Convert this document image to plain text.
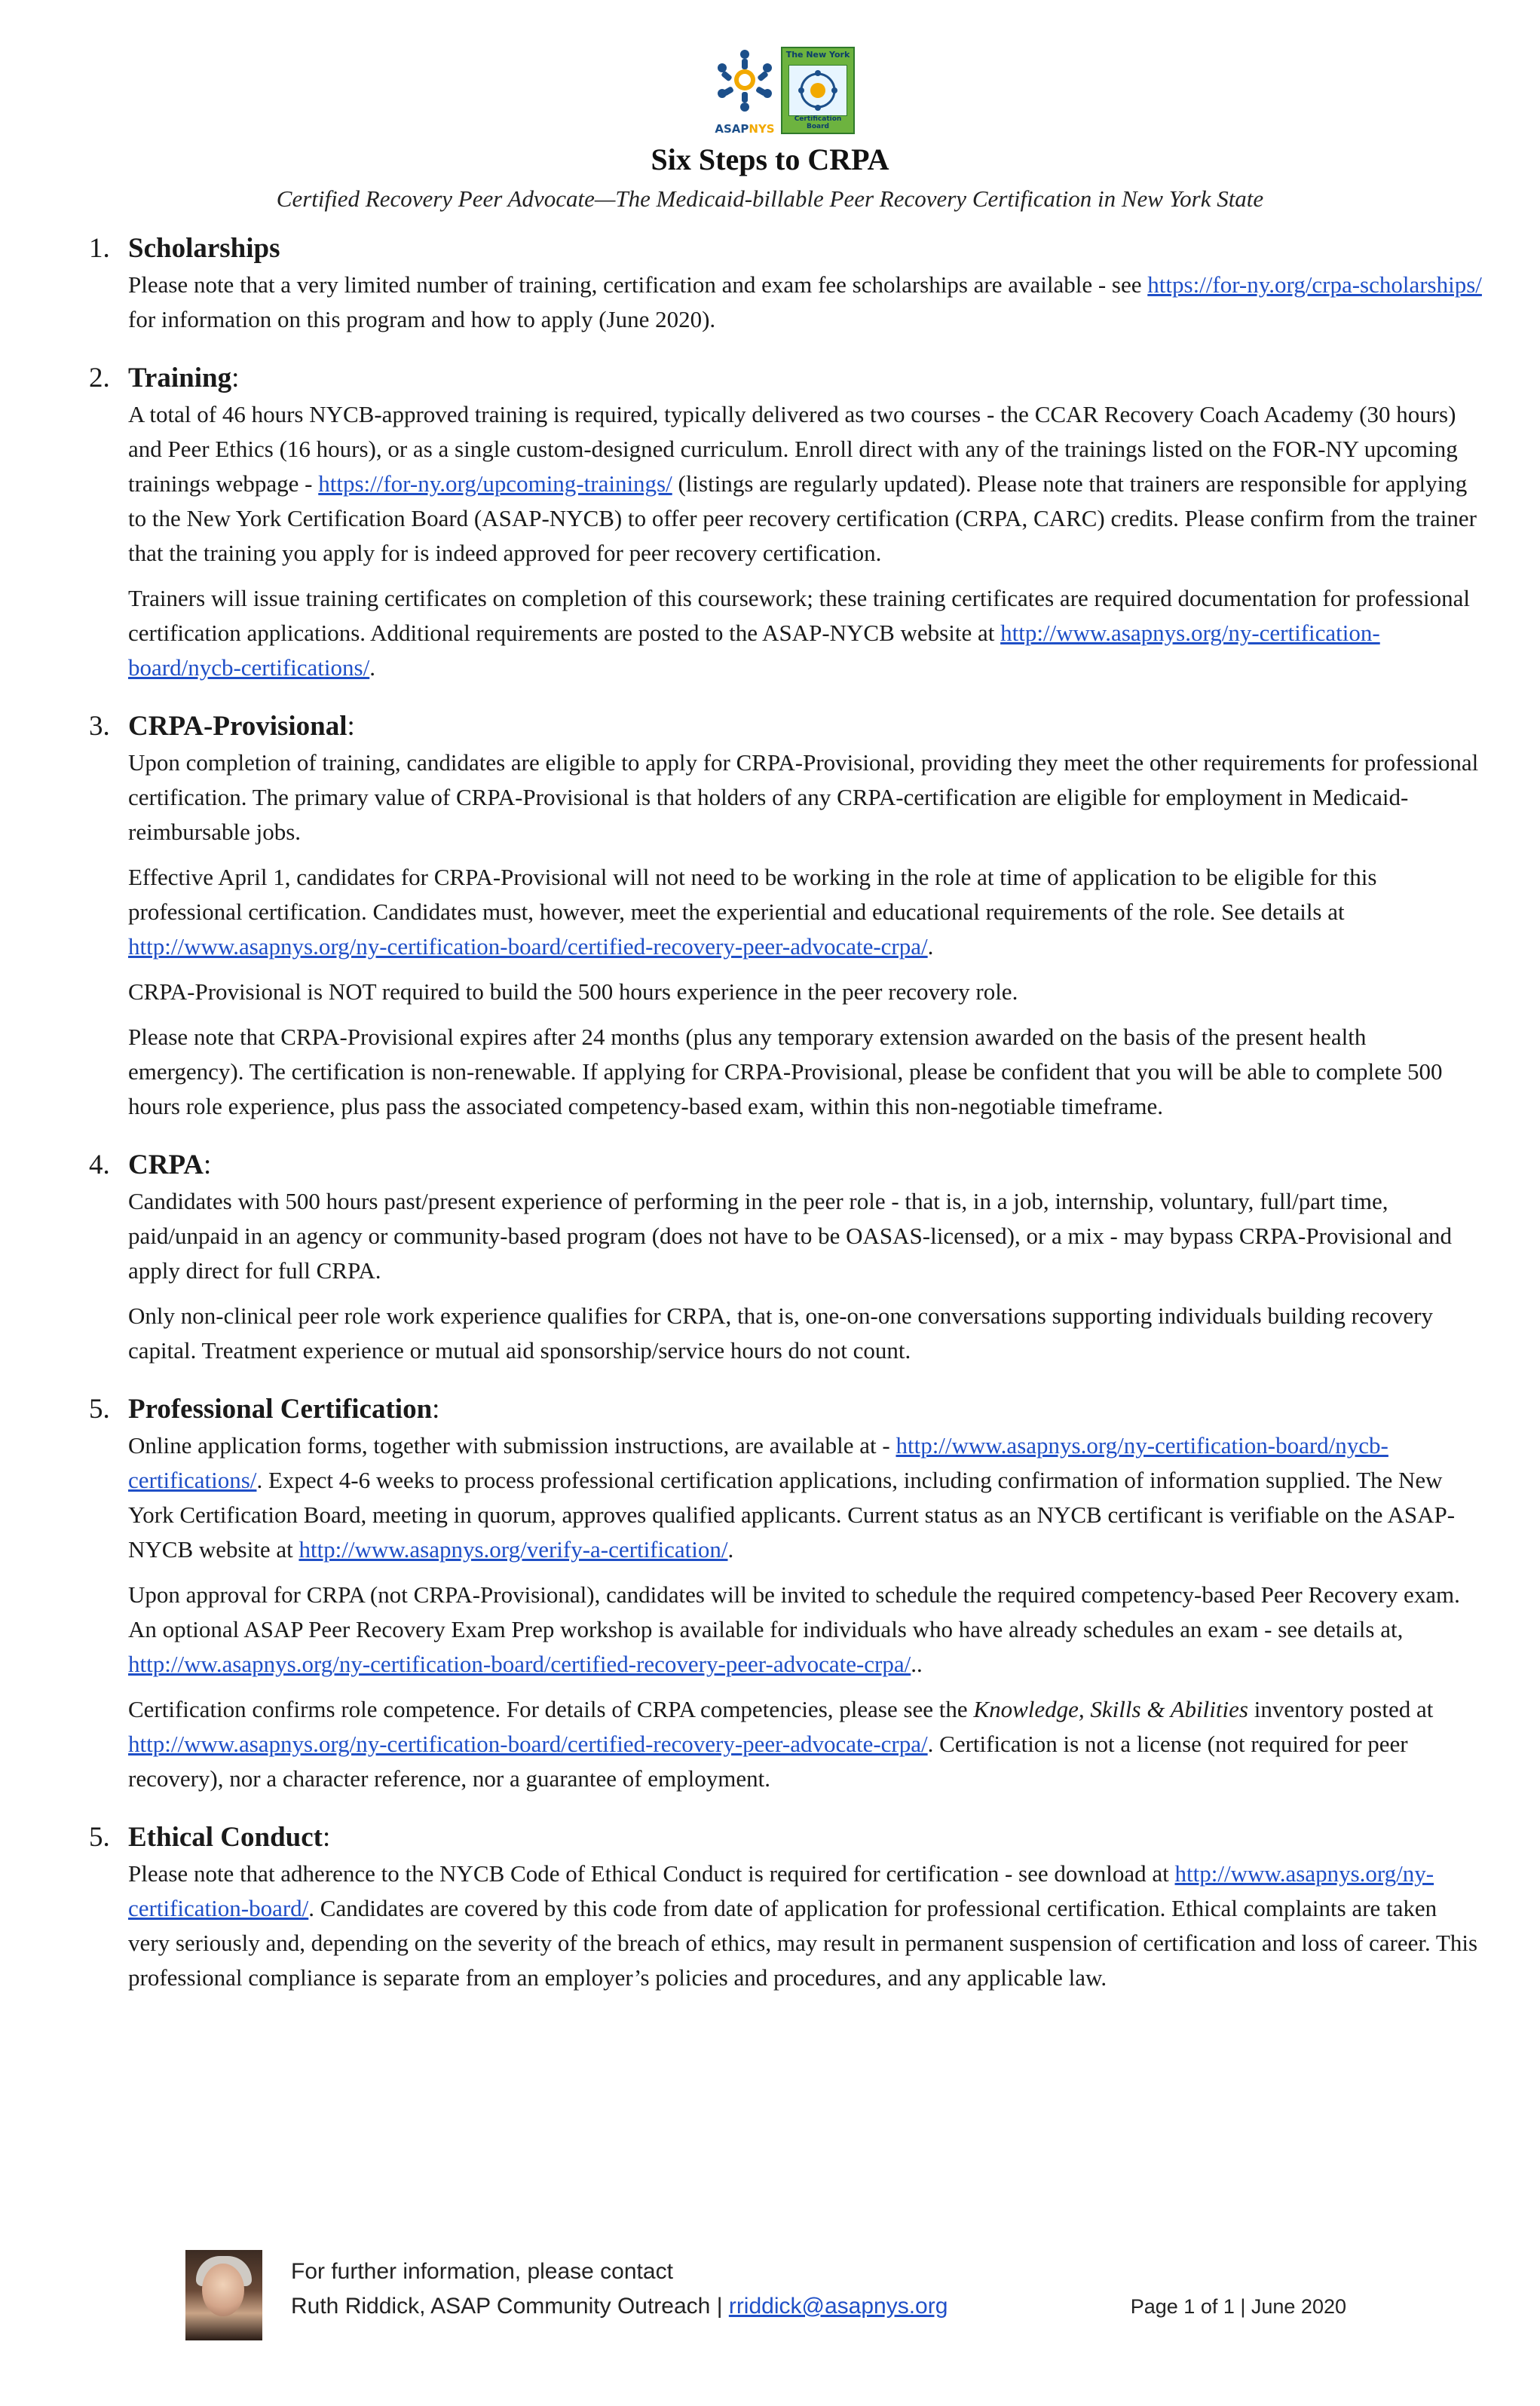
ASAPNYS
The New York
Certification Board
Six Steps to CRPA
Certified Recovery Peer Advocate—The Medicaid-billable Peer Recovery Certification in New York State
1. Scholarships

Please note that a very limited number of training, certification and exam fee scholarships are available - see https://for-ny.org/crpa-scholarships/ for information on this program and how to apply (June 2020).

2. Training:

A total of 46 hours NYCB-approved training is required, typically delivered as two courses - the CCAR Recovery Coach Academy (30 hours) and Peer Ethics (16 hours), or as a single custom-designed curriculum. Enroll direct with any of the trainings listed on the FOR-NY upcoming trainings webpage - https://for-ny.org/upcoming-trainings/ (listings are regularly updated). Please note that trainers are responsible for applying to the New York Certification Board (ASAP-NYCB) to offer peer recovery certification (CRPA, CARC) credits. Please confirm from the trainer that the training you apply for is indeed approved for peer recovery certification.

Trainers will issue training certificates on completion of this coursework; these training certificates are required documentation for professional certification applications. Additional requirements are posted to the ASAP-NYCB website at http://www.asapnys.org/ny-certification-board/nycb-certifications/.

3. CRPA-Provisional:

Upon completion of training, candidates are eligible to apply for CRPA-Provisional, providing they meet the other requirements for professional certification. The primary value of CRPA-Provisional is that holders of any CRPA-certification are eligible for employment in Medicaid-reimbursable jobs.

Effective April 1, candidates for CRPA-Provisional will not need to be working in the role at time of application to be eligible for this professional certification. Candidates must, however, meet the experiential and educational requirements of the role. See details at http://www.asapnys.org/ny-certification-board/certified-recovery-peer-advocate-crpa/.

CRPA-Provisional is NOT required to build the 500 hours experience in the peer recovery role.

Please note that CRPA-Provisional expires after 24 months (plus any temporary extension awarded on the basis of the present health emergency). The certification is non-renewable. If applying for CRPA-Provisional, please be confident that you will be able to complete 500 hours role experience, plus pass the associated competency-based exam, within this non-negotiable timeframe.

4. CRPA:

Candidates with 500 hours past/present experience of performing in the peer role - that is, in a job, internship, voluntary, full/part time, paid/unpaid in an agency or community-based program (does not have to be OASAS-licensed), or a mix - may bypass CRPA-Provisional and apply direct for full CRPA.

Only non-clinical peer role work experience qualifies for CRPA, that is, one-on-one conversations supporting individuals building recovery capital. Treatment experience or mutual aid sponsorship/service hours do not count.

5. Professional Certification:

Online application forms, together with submission instructions, are available at - http://www.asapnys.org/ny-certification-board/nycb-certifications/. Expect 4-6 weeks to process professional certification applications, including confirmation of information supplied. The New York Certification Board, meeting in quorum, approves qualified applicants. Current status as an NYCB certificant is verifiable on the ASAP-NYCB website at http://www.asapnys.org/verify-a-certification/.

Upon approval for CRPA (not CRPA-Provisional), candidates will be invited to schedule the required competency-based Peer Recovery exam. An optional ASAP Peer Recovery Exam Prep workshop is available for individuals who have already schedules an exam - see details at, http://ww.asapnys.org/ny-certification-board/certified-recovery-peer-advocate-crpa/..

Certification confirms role competence. For details of CRPA competencies, please see the Knowledge, Skills & Abilities inventory posted at http://www.asapnys.org/ny-certification-board/certified-recovery-peer-advocate-crpa/. Certification is not a license (not required for peer recovery), nor a character reference, nor a guarantee of employment.

5. Ethical Conduct:

Please note that adherence to the NYCB Code of Ethical Conduct is required for certification - see download at http://www.asapnys.org/ny-certification-board/. Candidates are covered by this code from date of application for professional certification. Ethical complaints are taken very seriously and, depending on the severity of the breach of ethics, may result in permanent suspension of certification and loss of career. This professional compliance is separate from an employer’s policies and procedures, and any applicable law.

For further information, please contact
Ruth Riddick, ASAP Community Outreach | rriddick@asapnys.org	Page 1 of 1 | June 2020
